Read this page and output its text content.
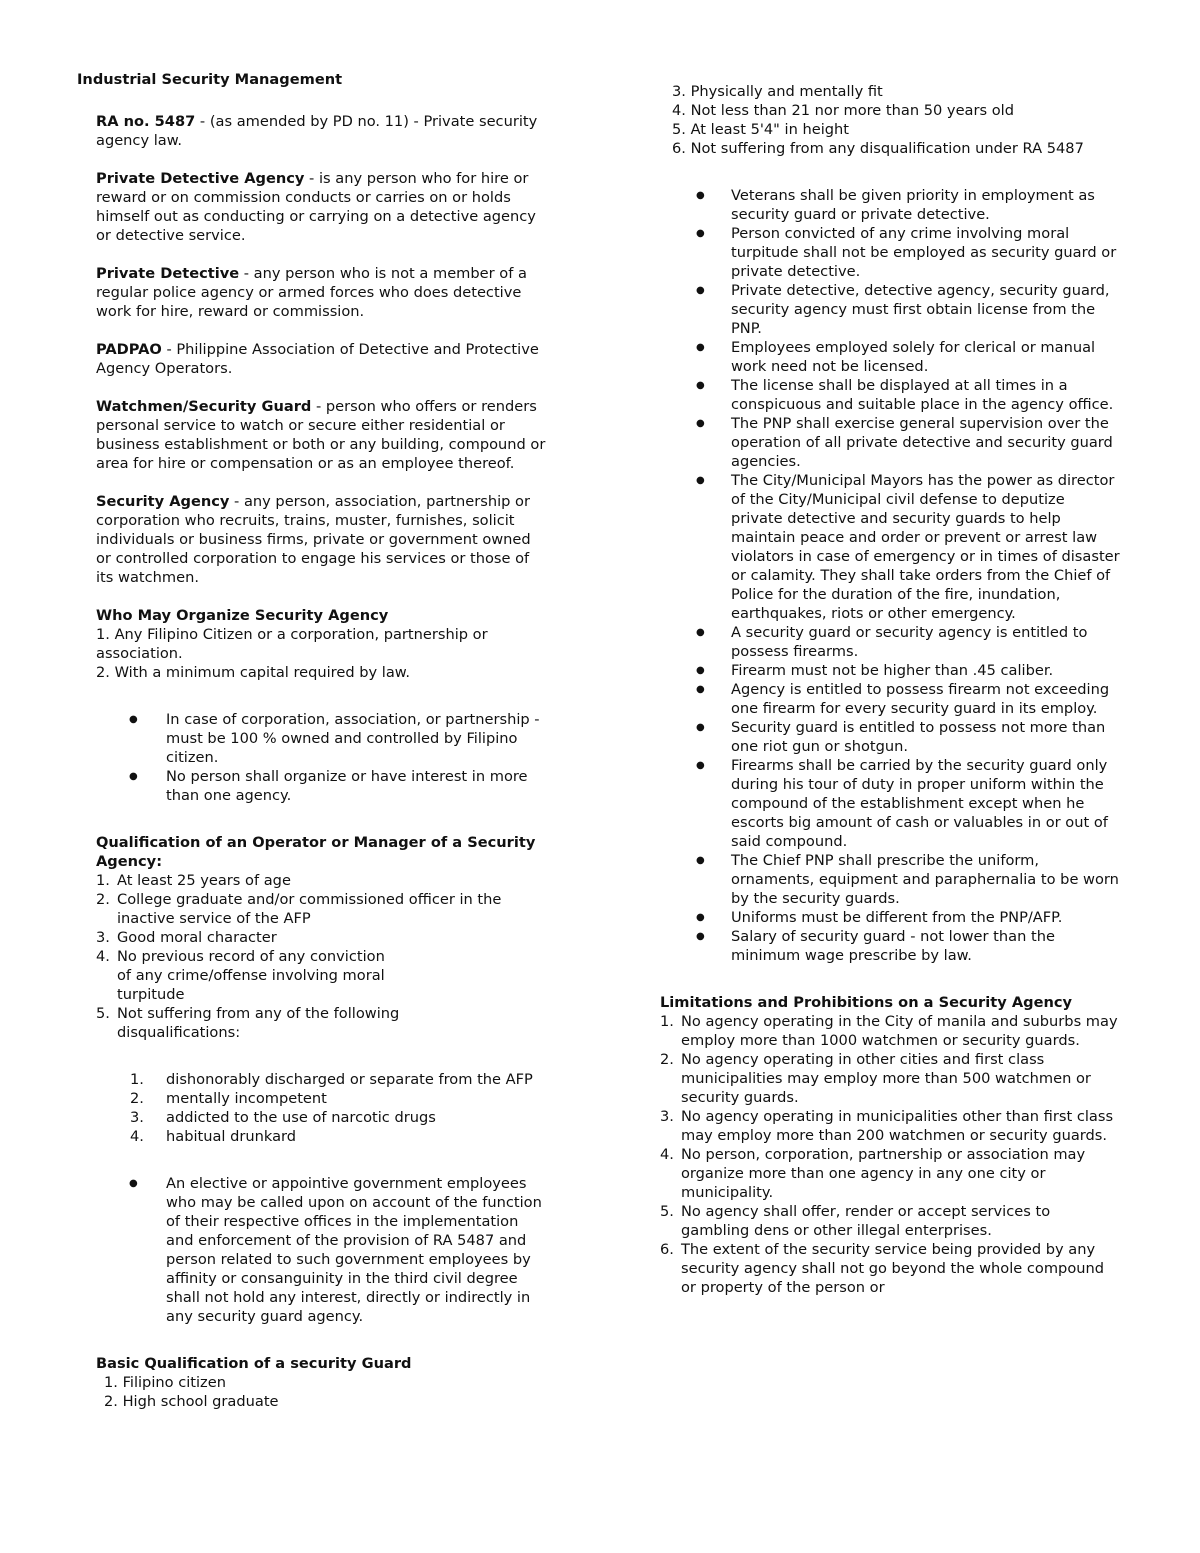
Industrial Security Management

RA no. 5487 - (as amended by PD no. 11) - Private security agency law.

Private Detective Agency - is any person who for hire or reward or on commission conducts or carries on or holds himself out as conducting or carrying on a detective agency or detective service.

Private Detective - any person who is not a member of a regular police agency or armed forces who does detective work for hire, reward or commission.

PADPAO - Philippine Association of Detective and Protective Agency Operators.

Watchmen/Security Guard - person who offers or renders personal service to watch or secure either residential or business establishment or both or any building, compound or area for hire or compensation or as an employee thereof.

Security Agency - any person, association, partnership or corporation who recruits, trains, muster, furnishes, solicit individuals or business firms, private or government owned or controlled corporation to engage his services or those of its watchmen.

Who May Organize Security Agency
1. Any Filipino Citizen or a corporation, partnership or association.
2. With a minimum capital required by law.
● In case of corporation, association, or partnership - must be 100 % owned and controlled by Filipino citizen.
● No person shall organize or have interest in more than one agency.
Qualification of an Operator or Manager of a Security Agency:
1. At least 25 years of age
2. College graduate and/or commissioned officer in the inactive service of the AFP
3. Good moral character
4. No previous record of any conviction of any crime/offense involving moral turpitude
5. Not suffering from any of the following disqualifications:
1. dishonorably discharged or separate from the AFP
2. mentally incompetent
3. addicted to the use of narcotic drugs
4. habitual drunkard
● An elective or appointive government employees who may be called upon on account of the function of their respective offices in the implementation and enforcement of the provision of RA 5487 and person related to such government employees by affinity or consanguinity in the third civil degree shall not hold any interest, directly or indirectly in any security guard agency.
Basic Qualification of a security Guard
1. Filipino citizen
2. High school graduate
3. Physically and mentally fit
4. Not less than 21 nor more than 50 years old
5. At least 5'4" in height
6. Not suffering from any disqualification under RA 5487
● Veterans shall be given priority in employment as security guard or private detective.
● Person convicted of any crime involving moral turpitude shall not be employed as security guard or private detective.
● Private detective, detective agency, security guard, security agency must first obtain license from the PNP.
● Employees employed solely for clerical or manual work need not be licensed.
● The license shall be displayed at all times in a conspicuous and suitable place in the agency office.
● The PNP shall exercise general supervision over the operation of all private detective and security guard agencies.
● The City/Municipal Mayors has the power as director of the City/Municipal civil defense to deputize private detective and security guards to help maintain peace and order or prevent or arrest law violators in case of emergency or in times of disaster or calamity. They shall take orders from the Chief of Police for the duration of the fire, inundation, earthquakes, riots or other emergency.
● A security guard or security agency is entitled to possess firearms.
● Firearm must not be higher than .45 caliber.
● Agency is entitled to possess firearm not exceeding one firearm for every security guard in its employ.
● Security guard is entitled to possess not more than one riot gun or shotgun.
● Firearms shall be carried by the security guard only during his tour of duty in proper uniform within the compound of the establishment except when he escorts big amount of cash or valuables in or out of said compound.
● The Chief PNP shall prescribe the uniform, ornaments, equipment and paraphernalia to be worn by the security guards.
● Uniforms must be different from the PNP/AFP.
● Salary of security guard - not lower than the minimum wage prescribe by law.
Limitations and Prohibitions on a Security Agency
1. No agency operating in the City of manila and suburbs may employ more than 1000 watchmen or security guards.
2. No agency operating in other cities and first class municipalities may employ more than 500 watchmen or security guards.
3. No agency operating in municipalities other than first class may employ more than 200 watchmen or security guards.
4. No person, corporation, partnership or association may organize more than one agency in any one city or municipality.
5. No agency shall offer, render or accept services to gambling dens or other illegal enterprises.
6. The extent of the security service being provided by any security agency shall not go beyond the whole compound or property of the person or
